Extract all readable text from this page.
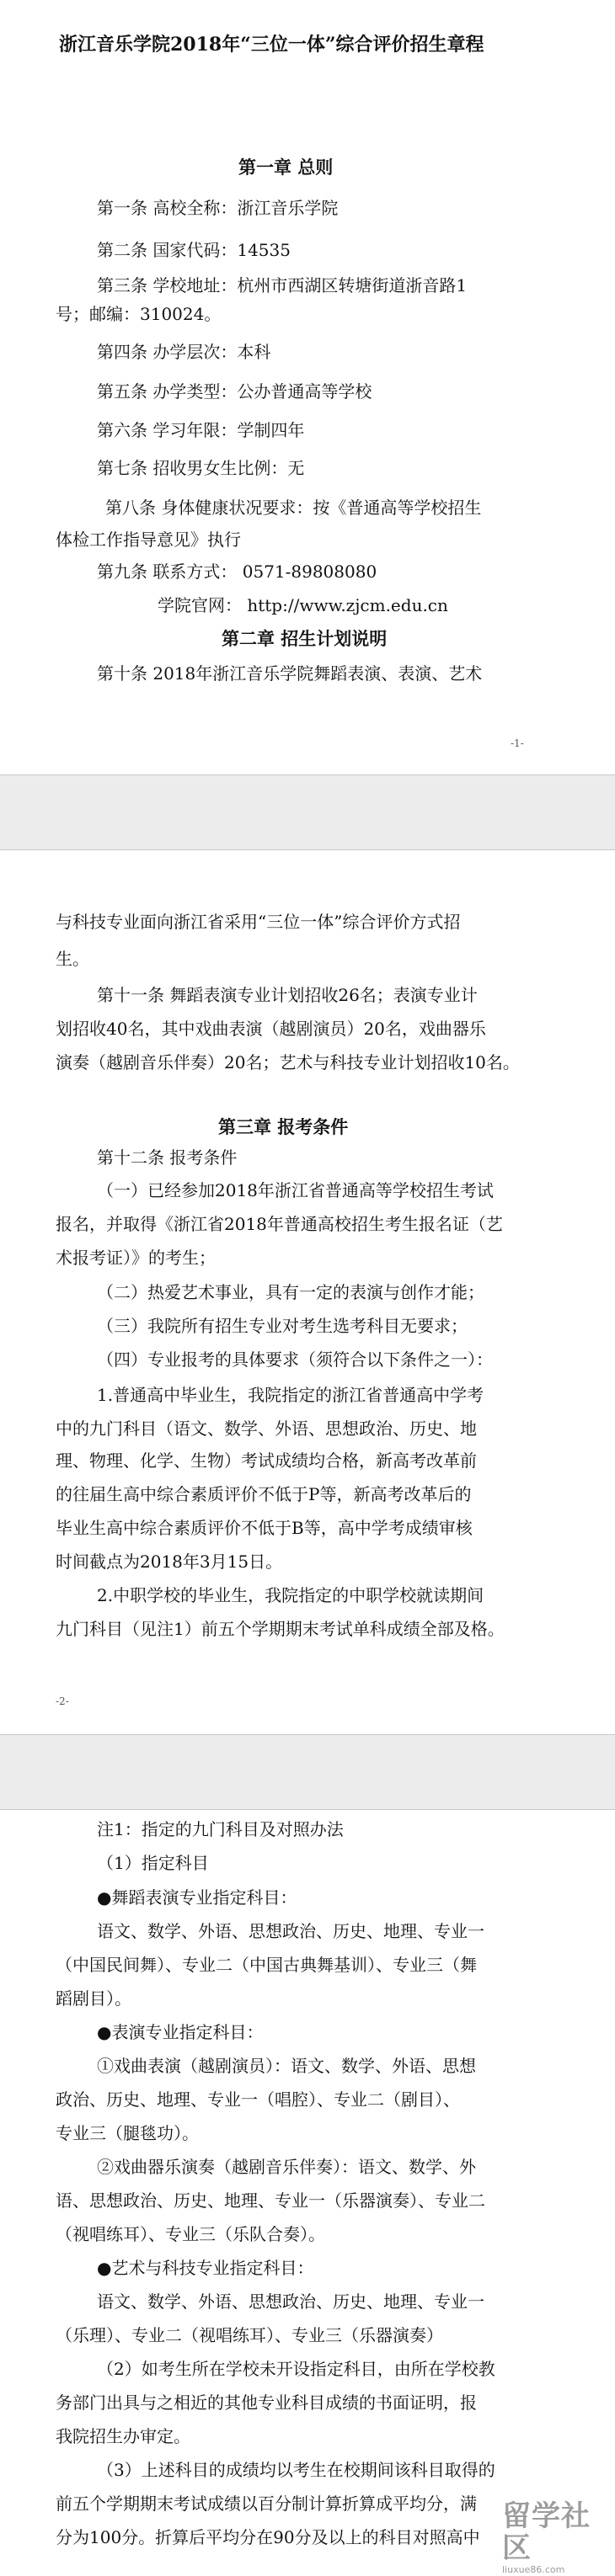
浙江音乐学院2018年“三位一体”综合评价招生章程
第一章 总则
第一条 高校全称：浙江音乐学院
第二条 国家代码：14535
第三条 学校地址：杭州市西湖区转塘街道浙音路1
号；邮编：310024。
第四条 办学层次：本科
第五条 办学类型：公办普通高等学校
第六条 学习年限：学制四年
第七条 招收男女生比例：无
第八条 身体健康状况要求：按《普通高等学校招生
体检工作指导意见》执行
第九条 联系方式： 0571-89808080
学院官网： http://www.zjcm.edu.cn
第二章 招生计划说明
第十条 2018年浙江音乐学院舞蹈表演、表演、艺术
-1-
与科技专业面向浙江省采用“三位一体”综合评价方式招
生。
第十一条 舞蹈表演专业计划招收26名；表演专业计
划招收40名，其中戏曲表演（越剧演员）20名，戏曲器乐
演奏（越剧音乐伴奏）20名；艺术与科技专业计划招收10名。
第三章 报考条件
第十二条 报考条件
（一）已经参加2018年浙江省普通高等学校招生考试
报名，并取得《浙江省2018年普通高校招生考生报名证（艺
术报考证）》的考生；
（二）热爱艺术事业，具有一定的表演与创作才能；
（三）我院所有招生专业对考生选考科目无要求；
（四）专业报考的具体要求（须符合以下条件之一）：
1.普通高中毕业生，我院指定的浙江省普通高中学考
中的九门科目（语文、数学、外语、思想政治、历史、地
理、物理、化学、生物）考试成绩均合格，新高考改革前
的往届生高中综合素质评价不低于P等，新高考改革后的
毕业生高中综合素质评价不低于B等，高中学考成绩审核
时间截点为2018年3月15日。
2.中职学校的毕业生，我院指定的中职学校就读期间
九门科目（见注1）前五个学期期末考试单科成绩全部及格。
-2-
注1：指定的九门科目及对照办法
（1）指定科目
●舞蹈表演专业指定科目：
语文、数学、外语、思想政治、历史、地理、专业一
（中国民间舞）、专业二（中国古典舞基训）、专业三（舞
蹈剧目）。
●表演专业指定科目：
①戏曲表演（越剧演员）：语文、数学、外语、思想
政治、历史、地理、专业一（唱腔）、专业二（剧目）、
专业三（腿毯功）。
②戏曲器乐演奏（越剧音乐伴奏）：语文、数学、外
语、思想政治、历史、地理、专业一（乐器演奏）、专业二
（视唱练耳）、专业三（乐队合奏）。
●艺术与科技专业指定科目：
语文、数学、外语、思想政治、历史、地理、专业一
（乐理）、专业二（视唱练耳）、专业三（乐器演奏）
（2）如考生所在学校未开设指定科目，由所在学校教
务部门出具与之相近的其他专业科目成绩的书面证明，报
我院招生办审定。
（3）上述科目的成绩均以考生在校期间该科目取得的
前五个学期期末考试成绩以百分制计算折算成平均分，满
分为100分。折算后平均分在90分及以上的科目对照高中
留学社区
liuxue86.com
